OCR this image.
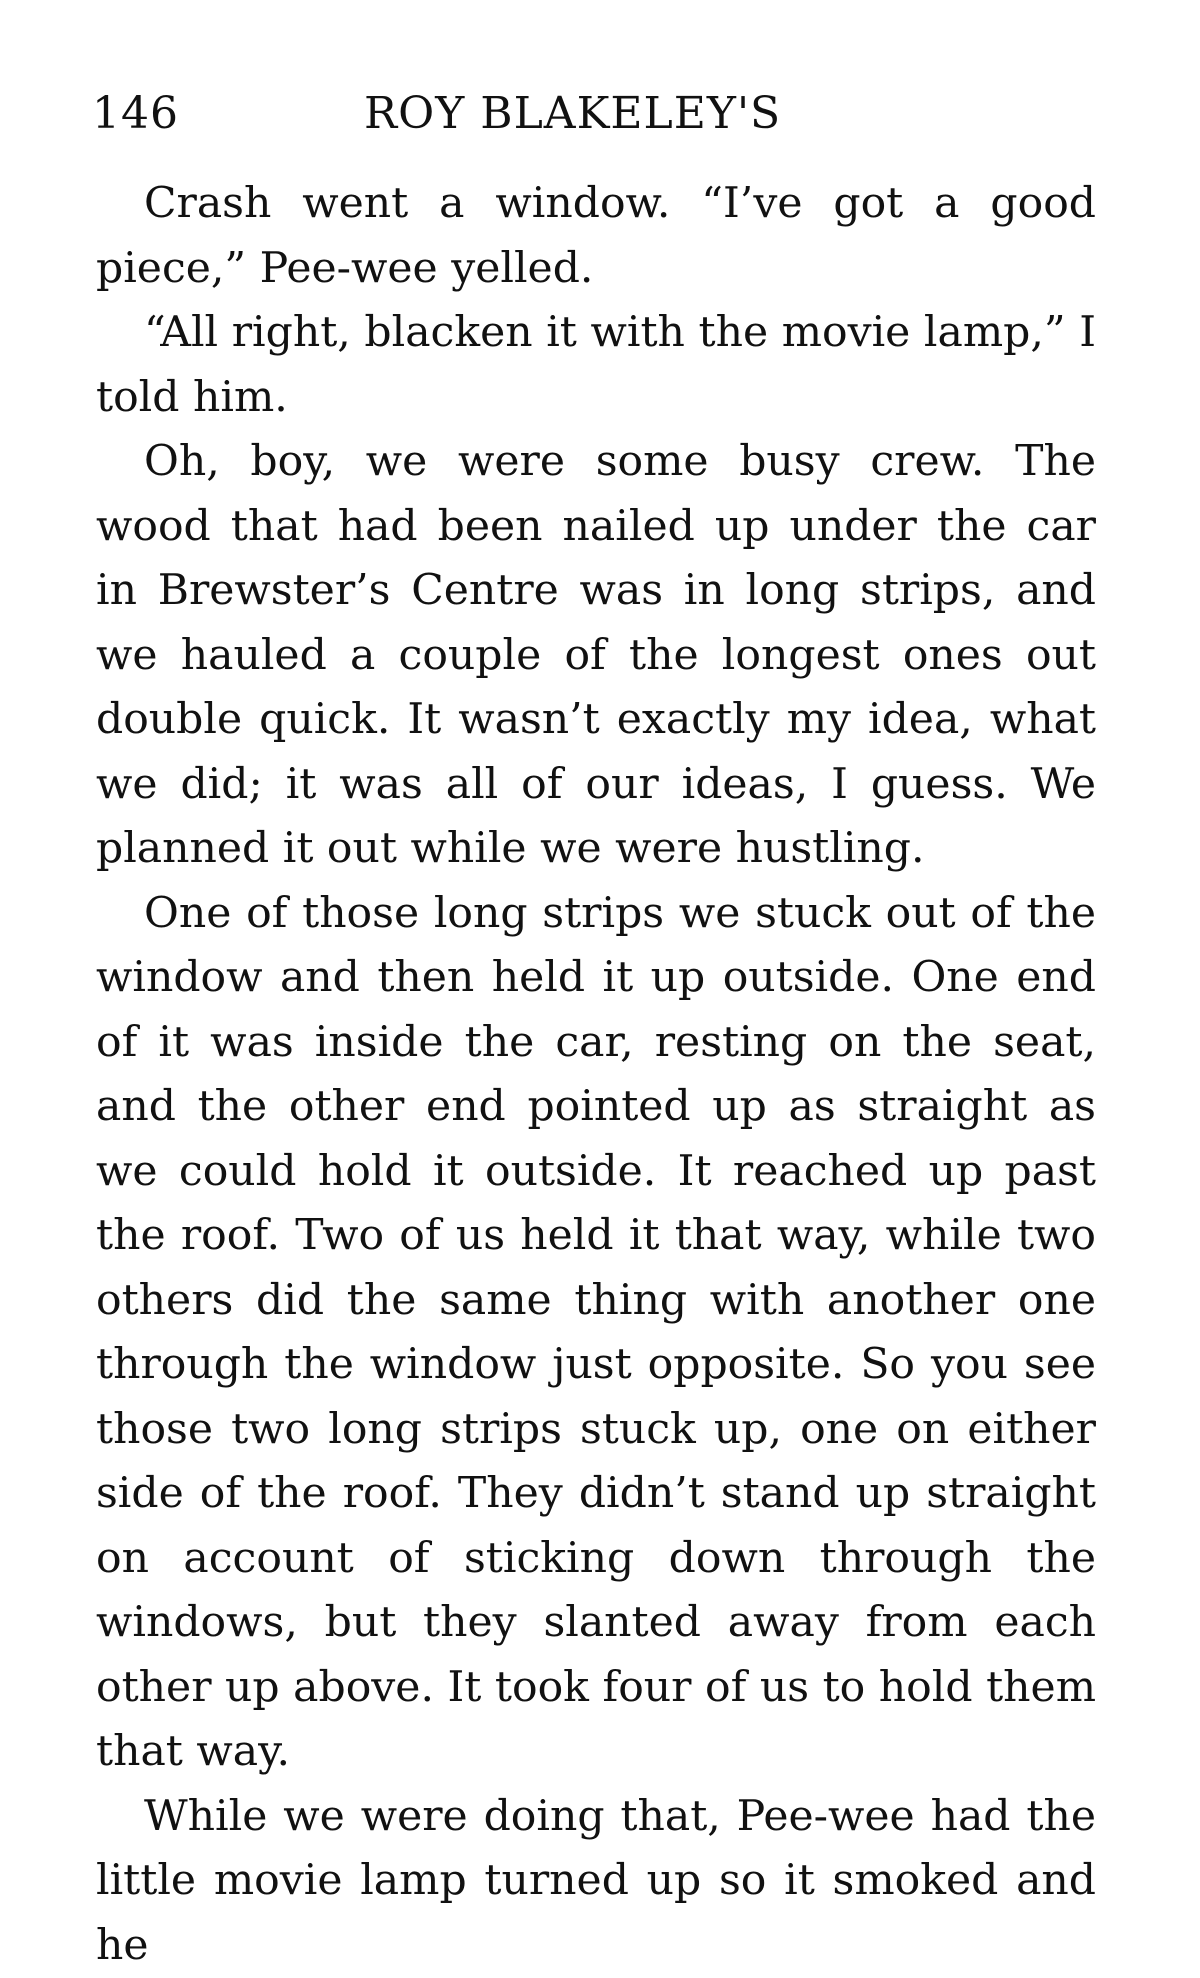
146	ROY BLAKELEY'S

Crash went a window. “I’ve got a good piece,” Pee-wee yelled.

“All right, blacken it with the movie lamp,” I told him.

Oh, boy, we were some busy crew. The wood that had been nailed up under the car in Brewster’s Centre was in long strips, and we hauled a couple of the longest ones out double quick. It wasn’t exactly my idea, what we did; it was all of our ideas, I guess. We planned it out while we were hustling.

One of those long strips we stuck out of the window and then held it up outside. One end of it was inside the car, resting on the seat, and the other end pointed up as straight as we could hold it outside. It reached up past the roof. Two of us held it that way, while two others did the same thing with another one through the window just opposite. So you see those two long strips stuck up, one on either side of the roof. They didn’t stand up straight on account of sticking down through the windows, but they slanted away from each other up above. It took four of us to hold them that way.

While we were doing that, Pee-wee had the little movie lamp turned up so it smoked and he
